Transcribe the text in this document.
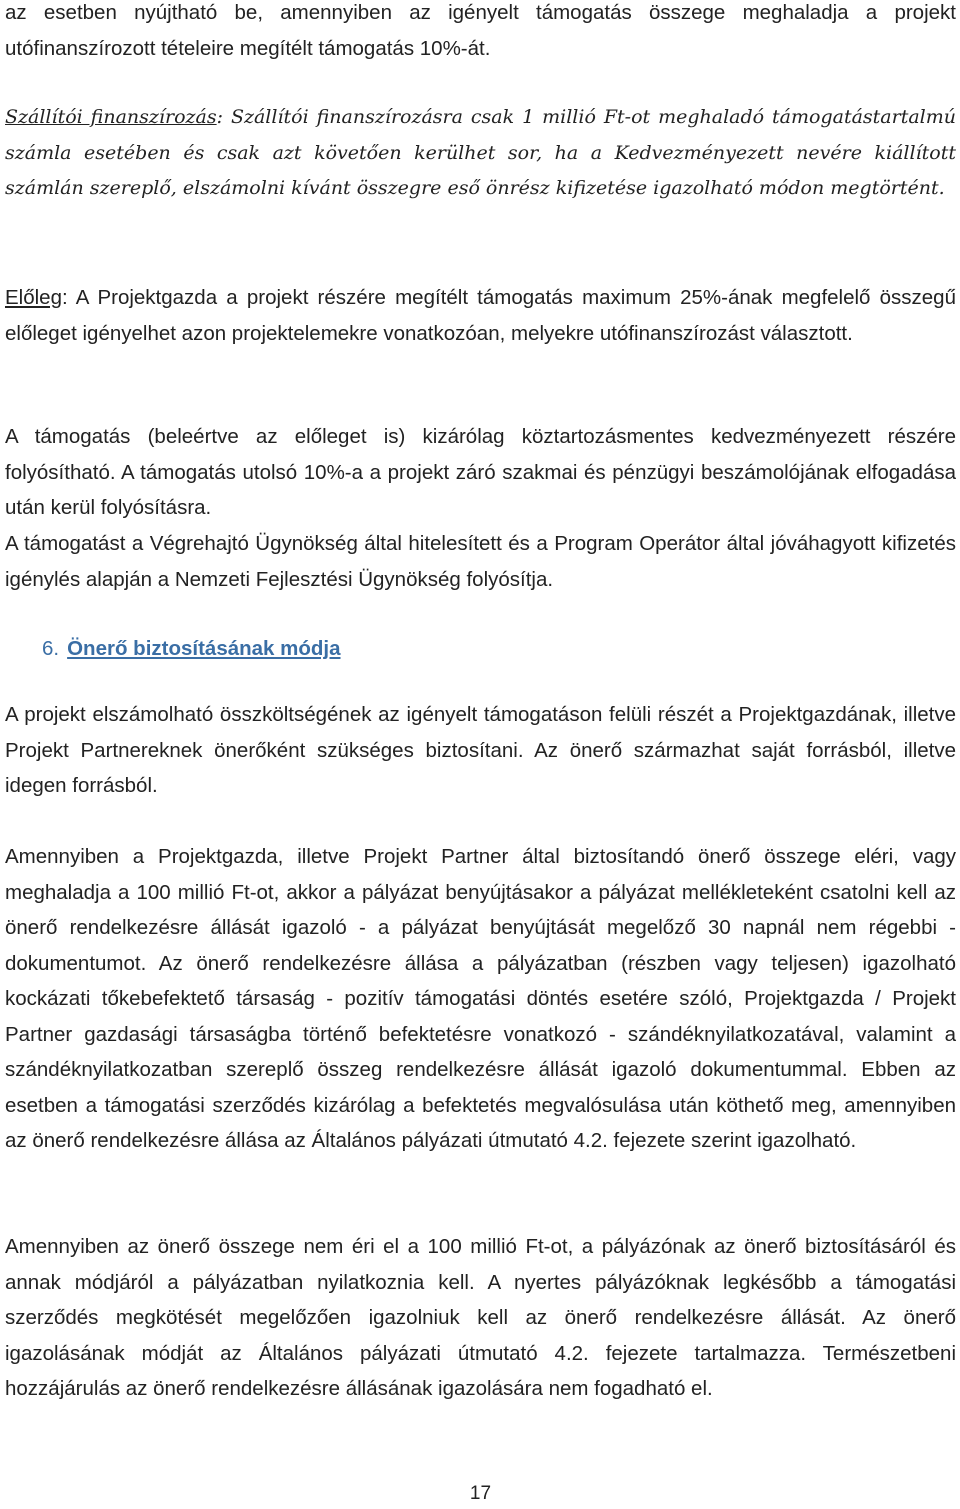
az esetben nyújtható be, amennyiben az igényelt támogatás összege meghaladja a projekt utófinanszírozott tételeire megítélt támogatás 10%-át.

Szállítói finanszírozás: Szállítói finanszírozásra csak 1 millió Ft-ot meghaladó támogatástartalmú számla esetében és csak azt követően kerülhet sor, ha a Kedvezményezett nevére kiállított számlán szereplő, elszámolni kívánt összegre eső önrész kifizetése igazolható módon megtörtént.

Előleg: A Projektgazda a projekt részére megítélt támogatás maximum 25%-ának megfelelő összegű előleget igényelhet azon projektelemekre vonatkozóan, melyekre utófinanszírozást választott.

A támogatás (beleértve az előleget is) kizárólag köztartozásmentes kedvezményezett részére folyósítható. A támogatás utolsó 10%-a a projekt záró szakmai és pénzügyi beszámolójának elfogadása után kerül folyósításra.

A támogatást a Végrehajtó Ügynökség által hitelesített és a Program Operátor által jóváhagyott kifizetés igénylés alapján a Nemzeti Fejlesztési Ügynökség folyósítja.

6. Önerő biztosításának módja

A projekt elszámolható összköltségének az igényelt támogatáson felüli részét a Projektgazdának, illetve Projekt Partnereknek önerőként szükséges biztosítani. Az önerő származhat saját forrásból, illetve idegen forrásból.

Amennyiben a Projektgazda, illetve Projekt Partner által biztosítandó önerő összege eléri, vagy meghaladja a 100 millió Ft-ot, akkor a pályázat benyújtásakor a pályázat mellékleteként csatolni kell az önerő rendelkezésre állását igazoló - a pályázat benyújtását megelőző 30 napnál nem régebbi - dokumentumot. Az önerő rendelkezésre állása a pályázatban (részben vagy teljesen) igazolható kockázati tőkebefektető társaság - pozitív támogatási döntés esetére szóló, Projektgazda / Projekt Partner gazdasági társaságba történő befektetésre vonatkozó - szándéknyilatkozatával, valamint a szándéknyilatkozatban szereplő összeg rendelkezésre állását igazoló dokumentummal. Ebben az esetben a támogatási szerződés kizárólag a befektetés megvalósulása után köthető meg, amennyiben az önerő rendelkezésre állása az Általános pályázati útmutató 4.2. fejezete szerint igazolható.

Amennyiben az önerő összege nem éri el a 100 millió Ft-ot, a pályázónak az önerő biztosításáról és annak módjáról a pályázatban nyilatkoznia kell. A nyertes pályázóknak legkésőbb a támogatási szerződés megkötését megelőzően igazolniuk kell az önerő rendelkezésre állását. Az önerő igazolásának módját az Általános pályázati útmutató 4.2. fejezete tartalmazza. Természetbeni hozzájárulás az önerő rendelkezésre állásának igazolására nem fogadható el.

17
